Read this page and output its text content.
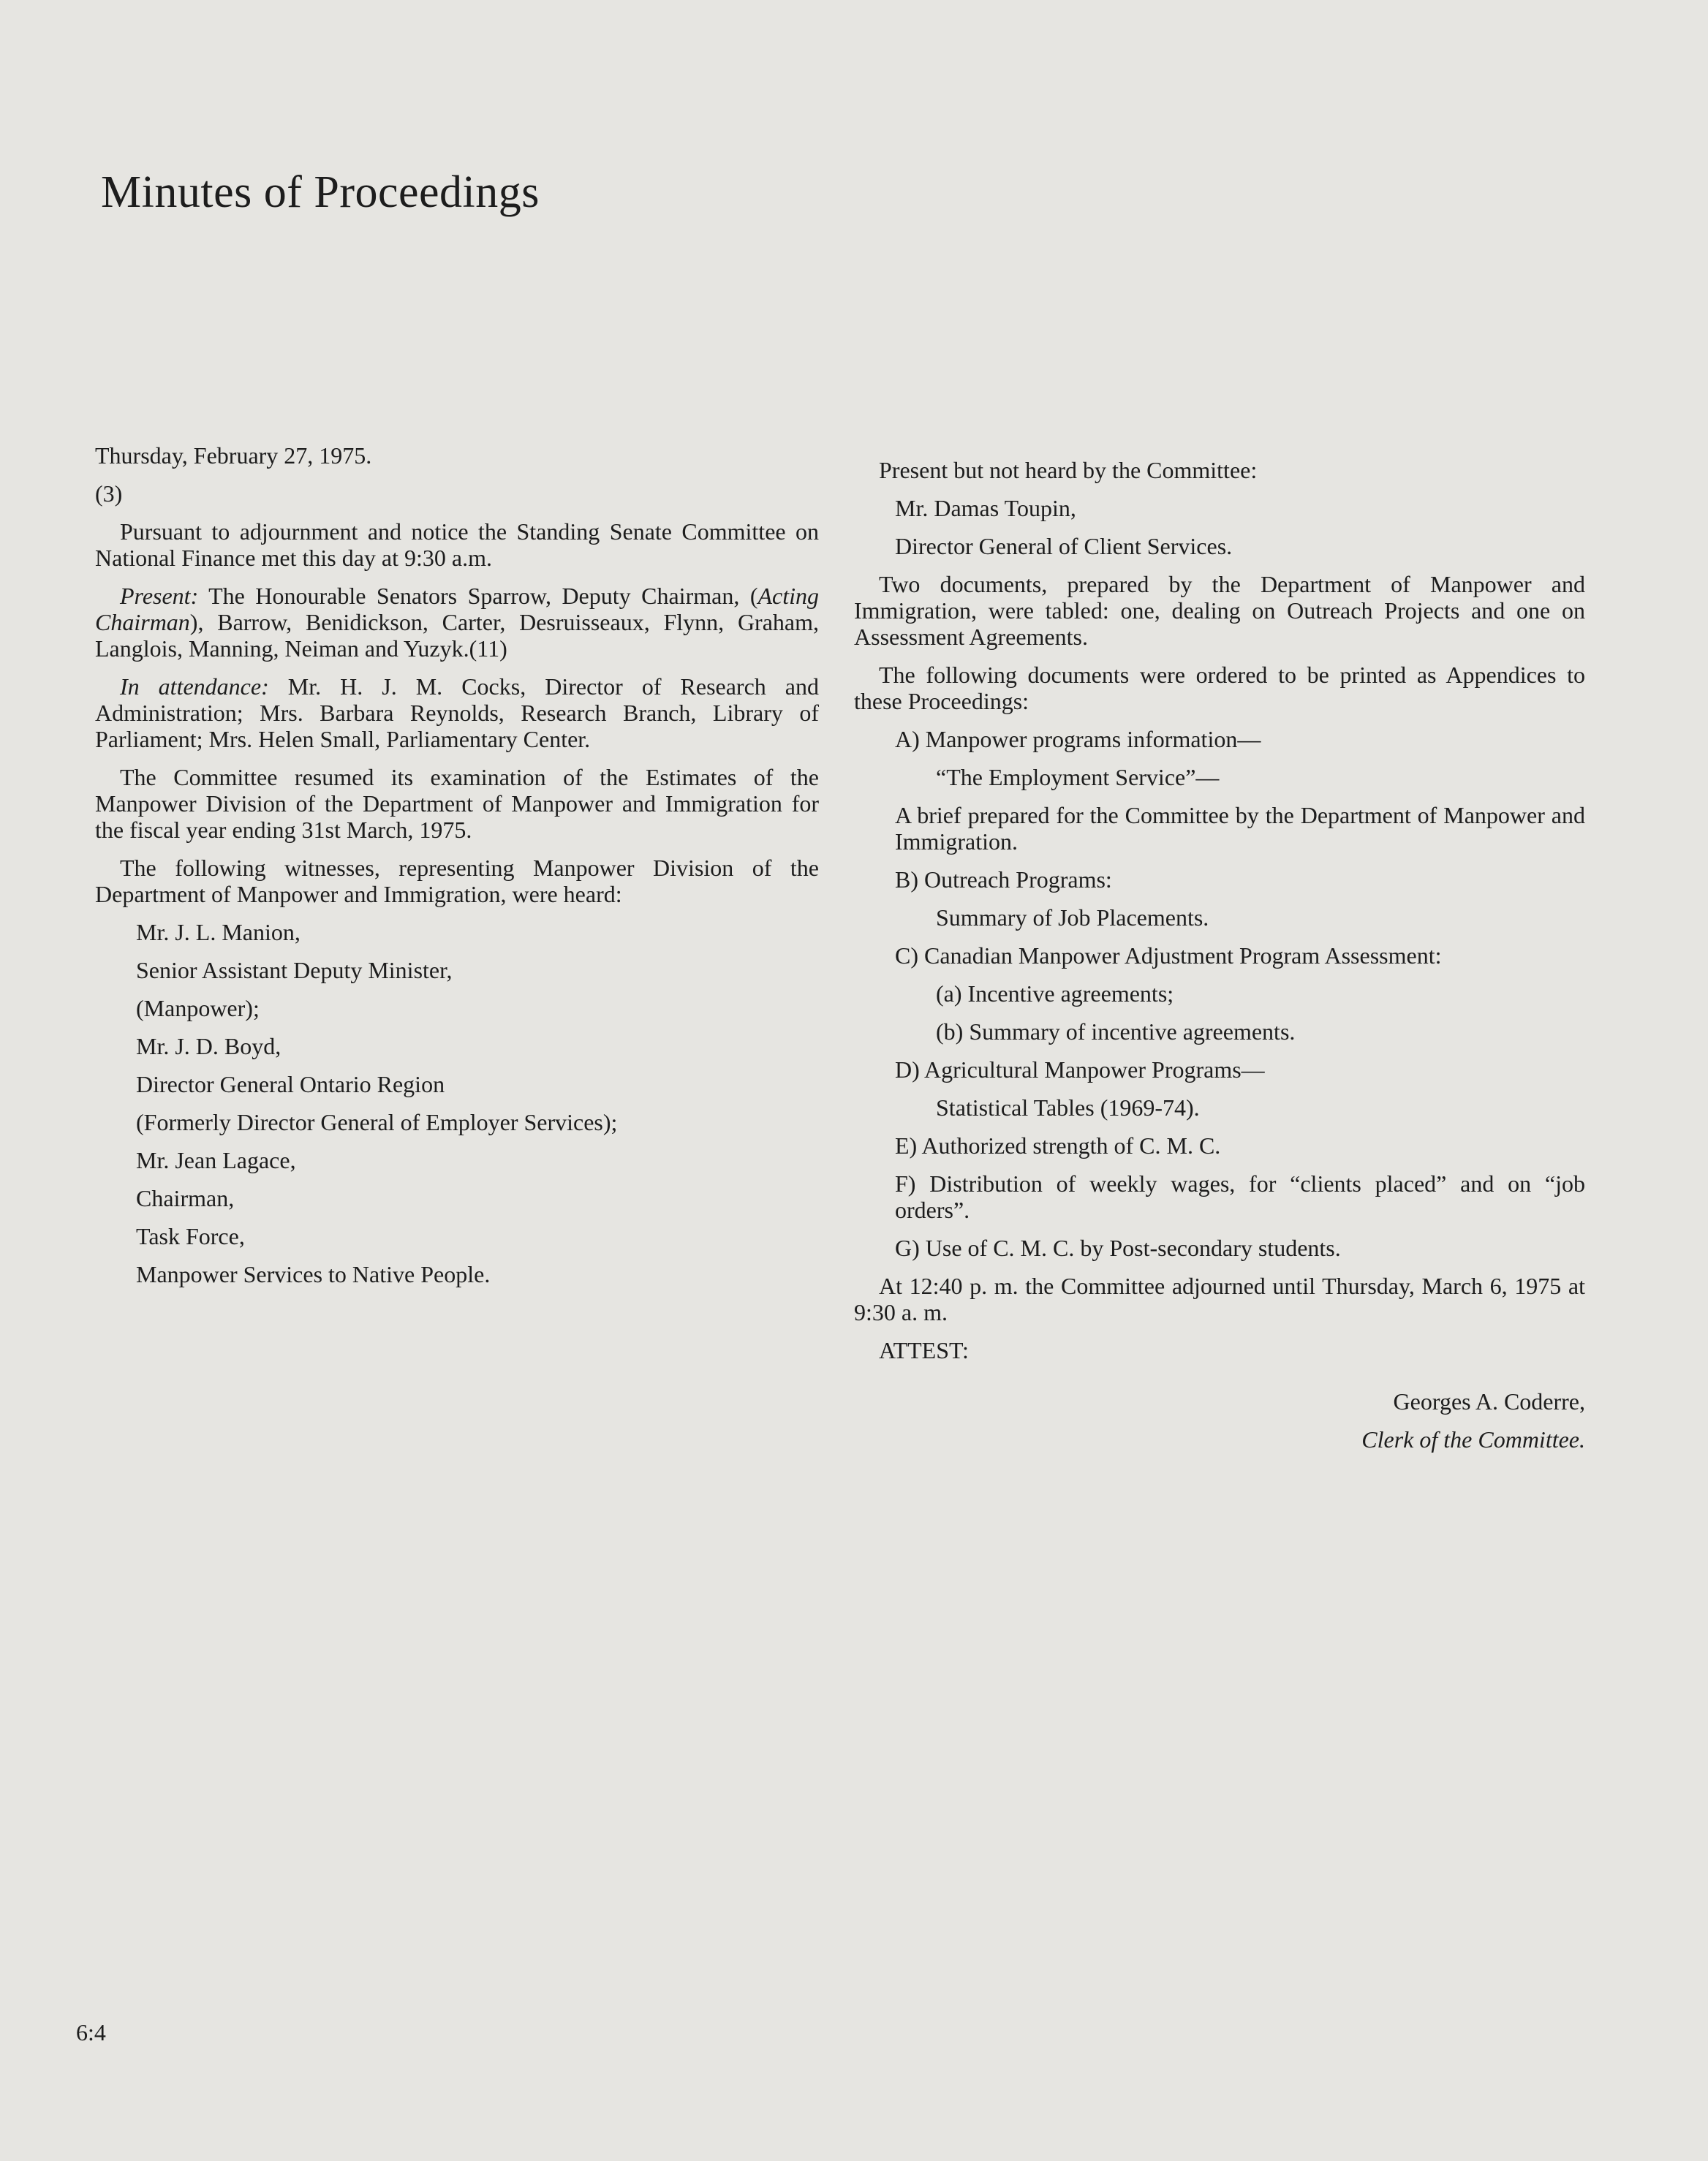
Minutes of Proceedings

Thursday, February 27, 1975.

(3)

Pursuant to adjournment and notice the Standing Senate Committee on National Finance met this day at 9:30 a.m.

Present: The Honourable Senators Sparrow, Deputy Chairman, (Acting Chairman), Barrow, Benidickson, Carter, Desruisseaux, Flynn, Graham, Langlois, Manning, Neiman and Yuzyk.(11)

In attendance: Mr. H. J. M. Cocks, Director of Research and Administration; Mrs. Barbara Reynolds, Research Branch, Library of Parliament; Mrs. Helen Small, Parliamentary Center.

The Committee resumed its examination of the Estimates of the Manpower Division of the Department of Manpower and Immigration for the fiscal year ending 31st March, 1975.

The following witnesses, representing Manpower Division of the Department of Manpower and Immigration, were heard:

Mr. J. L. Manion,

Senior Assistant Deputy Minister,

(Manpower);

Mr. J. D. Boyd,

Director General Ontario Region

(Formerly Director General of Employer Services);

Mr. Jean Lagace,

Chairman,

Task Force,

Manpower Services to Native People.

Present but not heard by the Committee:

Mr. Damas Toupin,

Director General of Client Services.

Two documents, prepared by the Department of Manpower and Immigration, were tabled: one, dealing on Outreach Projects and one on Assessment Agreements.

The following documents were ordered to be printed as Appendices to these Proceedings:

A) Manpower programs information—

“The Employment Service”—

A brief prepared for the Committee by the Department of Manpower and Immigration.

B) Outreach Programs:

Summary of Job Placements.

C) Canadian Manpower Adjustment Program Assessment:

(a) Incentive agreements;

(b) Summary of incentive agreements.

D) Agricultural Manpower Programs—

Statistical Tables (1969-74).

E) Authorized strength of C. M. C.

F) Distribution of weekly wages, for “clients placed” and on “job orders”.

G) Use of C. M. C. by Post-secondary students.

At 12:40 p. m. the Committee adjourned until Thursday, March 6, 1975 at 9:30 a. m.

ATTEST:

Georges A. Coderre,

Clerk of the Committee.

6:4
